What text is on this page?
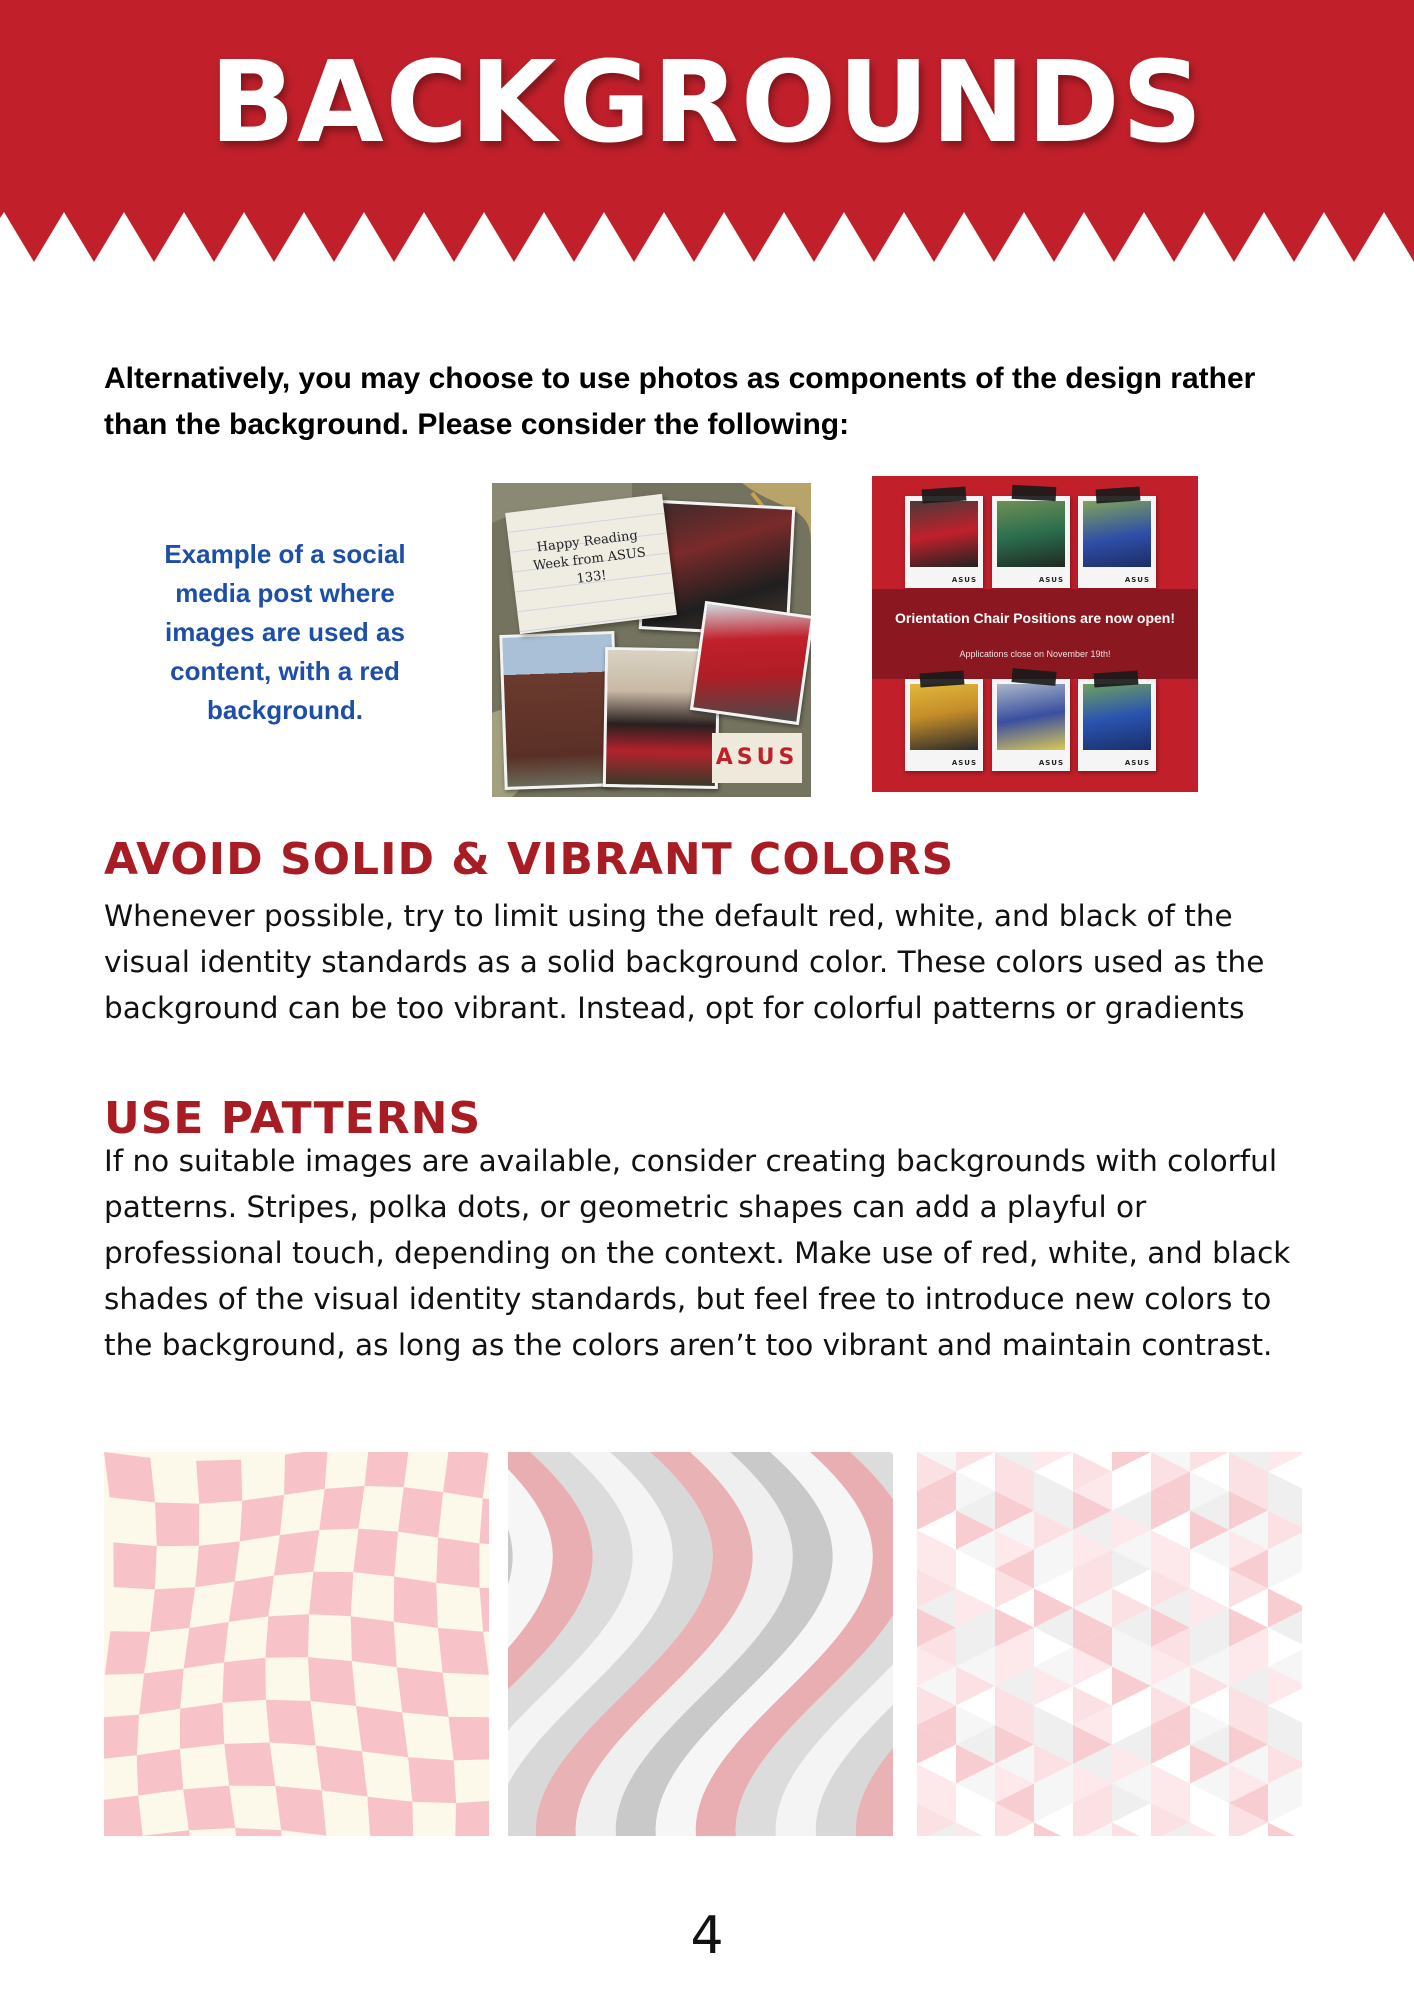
BACKGROUNDS
Alternatively, you may choose to use photos as components of the design rather than the background. Please consider the following:
Example of a social media post where images are used as content, with a red background.
Happy Reading Week from ASUS 133!
ASUS
ASUS	ASUS	ASUS
Orientation Chair Positions are now open!
Applications close on November 19th!
ASUS	ASUS	ASUS
AVOID SOLID & VIBRANT COLORS
Whenever possible, try to limit using the default red, white, and black of the visual identity standards as a solid background color. These colors used as the background can be too vibrant. Instead, opt for colorful patterns or gradients
USE PATTERNS
If no suitable images are available, consider creating backgrounds with colorful patterns. Stripes, polka dots, or geometric shapes can add a playful or professional touch, depending on the context. Make use of red, white, and black shades of the visual identity standards, but feel free to introduce new colors to the background, as long as the colors aren’t too vibrant and maintain contrast.
4
